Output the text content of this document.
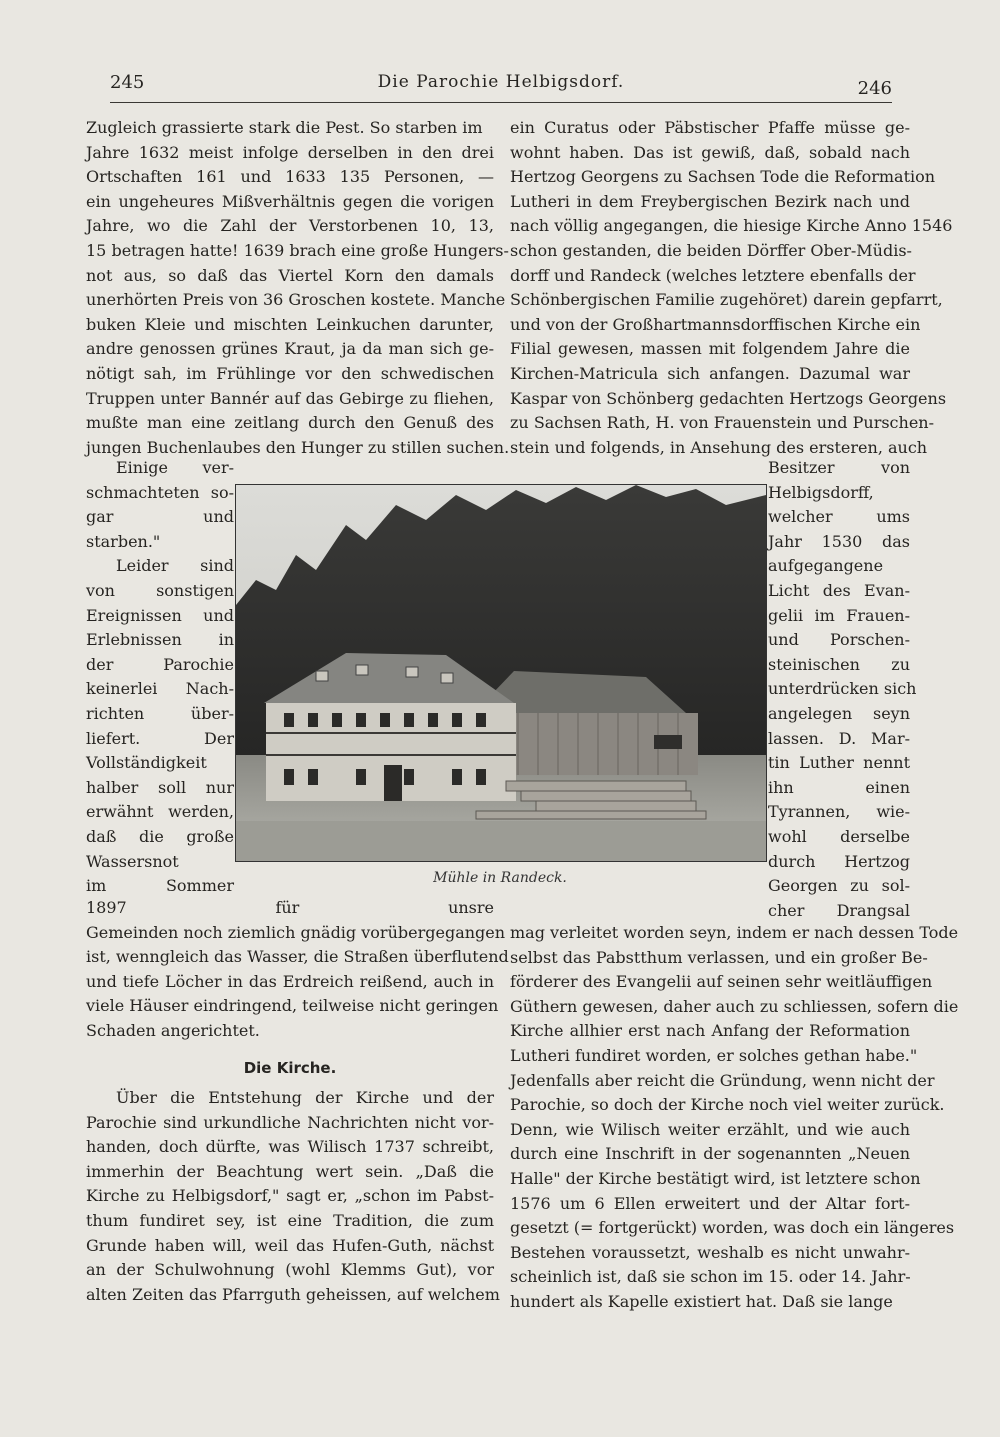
245	Die Parochie Helbigsdorf.	246

Zugleich grassierte stark die Pest. So starben im
Jahre 1632 meist infolge derselben in den drei
Ortschaften 161 und 1633 135 Personen, —
ein ungeheures Mißverhältnis gegen die vorigen
Jahre, wo die Zahl der Verstorbenen 10, 13,
15 betragen hatte! 1639 brach eine große Hungers-
not aus, so daß das Viertel Korn den damals
unerhörten Preis von 36 Groschen kostete. Manche
buken Kleie und mischten Leinkuchen darunter,
andre genossen grünes Kraut, ja da man sich ge-
nötigt sah, im Frühlinge vor den schwedischen
Truppen unter Bannér auf das Gebirge zu fliehen,
mußte man eine zeitlang durch den Genuß des
jungen Buchenlaubes den Hunger zu stillen suchen.

Einige ver-
schmachteten so-
gar und
starben."
Leider sind
von sonstigen
Ereignissen und
Erlebnissen in
der Parochie
keinerlei Nach-
richten über-
liefert. Der
Vollständigkeit
halber soll nur
erwähnt werden,
daß die große
Wassersnot
im Sommer

1897 für unsre
Gemeinden noch ziemlich gnädig vorübergegangen
ist, wenngleich das Wasser, die Straßen überflutend
und tiefe Löcher in das Erdreich reißend, auch in
viele Häuser eindringend, teilweise nicht geringen
Schaden angerichtet.

Die Kirche.

Über die Entstehung der Kirche und der
Parochie sind urkundliche Nachrichten nicht vor-
handen, doch dürfte, was Wilisch 1737 schreibt,
immerhin der Beachtung wert sein. „Daß die
Kirche zu Helbigsdorf," sagt er, „schon im Pabst-
thum fundiret sey, ist eine Tradition, die zum
Grunde haben will, weil das Hufen-Guth, nächst
an der Schulwohnung (wohl Klemms Gut), vor
alten Zeiten das Pfarrguth geheissen, auf welchem

ein Curatus oder Päbstischer Pfaffe müsse ge-
wohnt haben. Das ist gewiß, daß, sobald nach
Hertzog Georgens zu Sachsen Tode die Reformation
Lutheri in dem Freybergischen Bezirk nach und
nach völlig angegangen, die hiesige Kirche Anno 1546
schon gestanden, die beiden Dörffer Ober-Müdis-
dorff und Randeck (welches letztere ebenfalls der
Schönbergischen Familie zugehöret) darein gepfarrt,
und von der Großhartmannsdorffischen Kirche ein
Filial gewesen, massen mit folgendem Jahre die
Kirchen-Matricula sich anfangen. Dazumal war
Kaspar von Schönberg gedachten Hertzogs Georgens
zu Sachsen Rath, H. von Frauenstein und Purschen-
stein und folgends, in Ansehung des ersteren, auch

Besitzer von
Helbigsdorff,
welcher ums
Jahr 1530 das
aufgegangene
Licht des Evan-
gelii im Frauen-
und Porschen-
steinischen zu
unterdrücken sich
angelegen seyn
lassen. D. Mar-
tin Luther nennt
ihn einen
Tyrannen, wie-
wohl derselbe
durch Hertzog
Georgen zu sol-
cher Drangsal

mag verleitet worden seyn, indem er nach dessen Tode
selbst das Pabstthum verlassen, und ein großer Be-
förderer des Evangelii auf seinen sehr weitläuffigen
Güthern gewesen, daher auch zu schliessen, sofern die
Kirche allhier erst nach Anfang der Reformation
Lutheri fundiret worden, er solches gethan habe."
Jedenfalls aber reicht die Gründung, wenn nicht der
Parochie, so doch der Kirche noch viel weiter zurück.
Denn, wie Wilisch weiter erzählt, und wie auch
durch eine Inschrift in der sogenannten „Neuen
Halle" der Kirche bestätigt wird, ist letztere schon
1576 um 6 Ellen erweitert und der Altar fort-
gesetzt (= fortgerückt) worden, was doch ein längeres
Bestehen voraussetzt, weshalb es nicht unwahr-
scheinlich ist, daß sie schon im 15. oder 14. Jahr-
hundert als Kapelle existiert hat. Daß sie lange

Mühle in Randeck.
